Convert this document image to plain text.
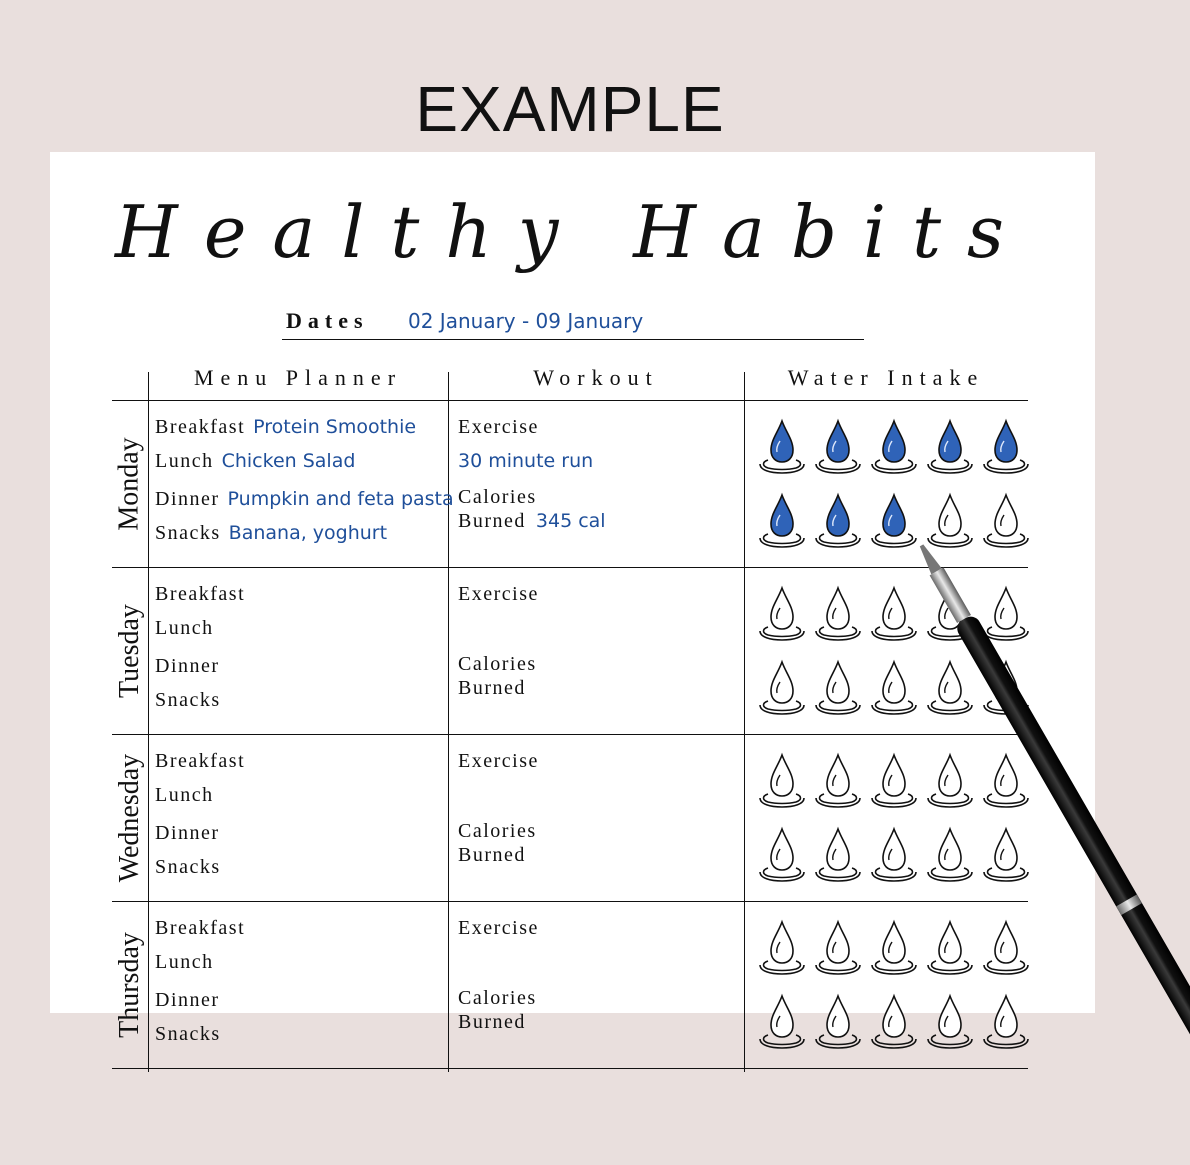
EXAMPLE
Healthy Habits
Dates 02 January - 09 January
Menu Planner	Workout	Water Intake
Monday
Breakfast Protein Smoothie
Lunch Chicken Salad
Dinner Pumpkin and feta pasta
Snacks Banana, yoghurt
Exercise
30 minute run
Calories
Burned 345 cal
Tuesday
Breakfast
Lunch
Dinner
Snacks
Exercise
Calories
Burned
Wednesday Breakfast
Lunch
Dinner
Snacks
Exercise
Calories
Burned
Thursday
Breakfast
Lunch
Dinner
Snacks
Exercise
Calories
Burned
